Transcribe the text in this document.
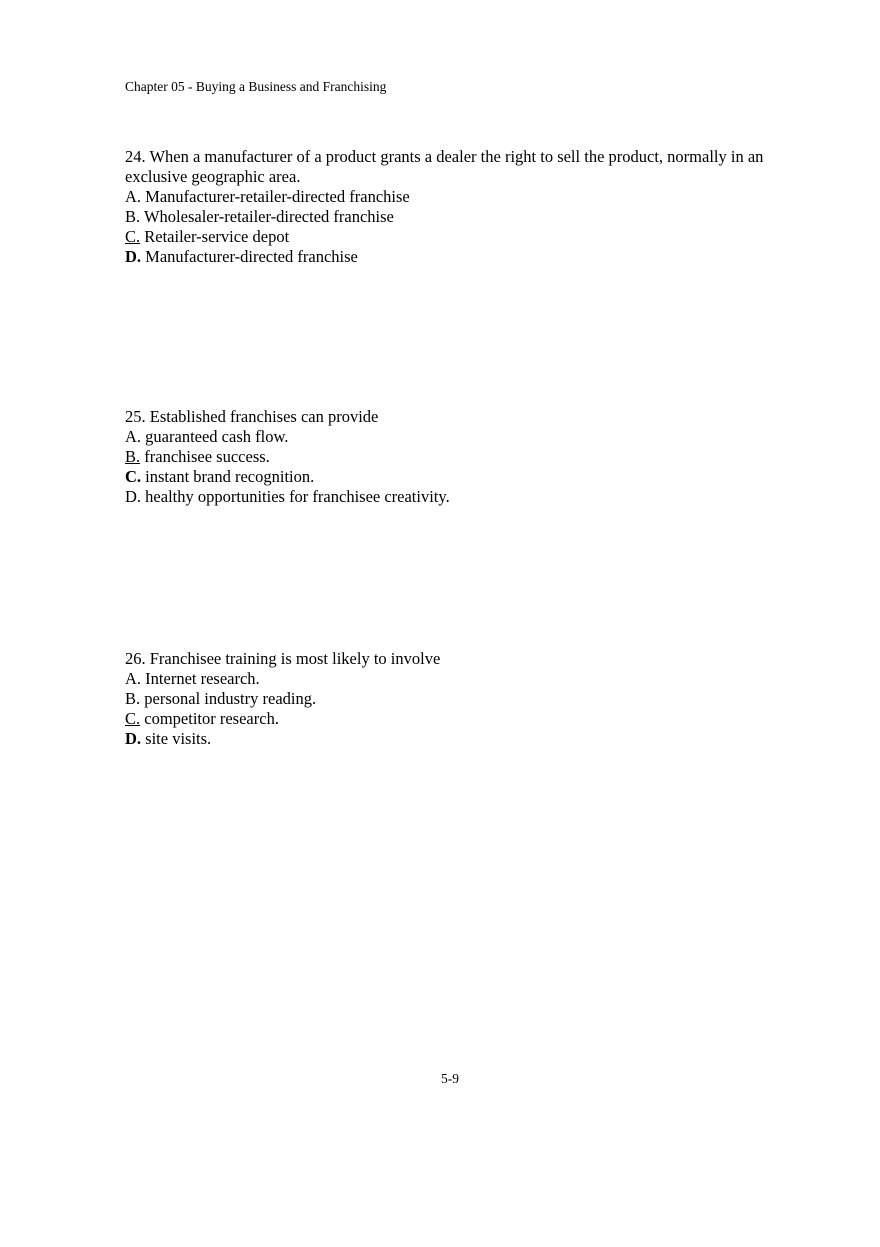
Chapter 05 - Buying a Business and Franchising

24. When a manufacturer of a product grants a dealer the right to sell the product, normally in an exclusive geographic area.

A. Manufacturer-retailer-directed franchise

B. Wholesaler-retailer-directed franchise

C. Retailer-service depot

D. Manufacturer-directed franchise

25. Established franchises can provide

A. guaranteed cash flow.

B. franchisee success.

C. instant brand recognition.

D. healthy opportunities for franchisee creativity.

26. Franchisee training is most likely to involve

A. Internet research.

B. personal industry reading.

C. competitor research.

D. site visits.

5-9
